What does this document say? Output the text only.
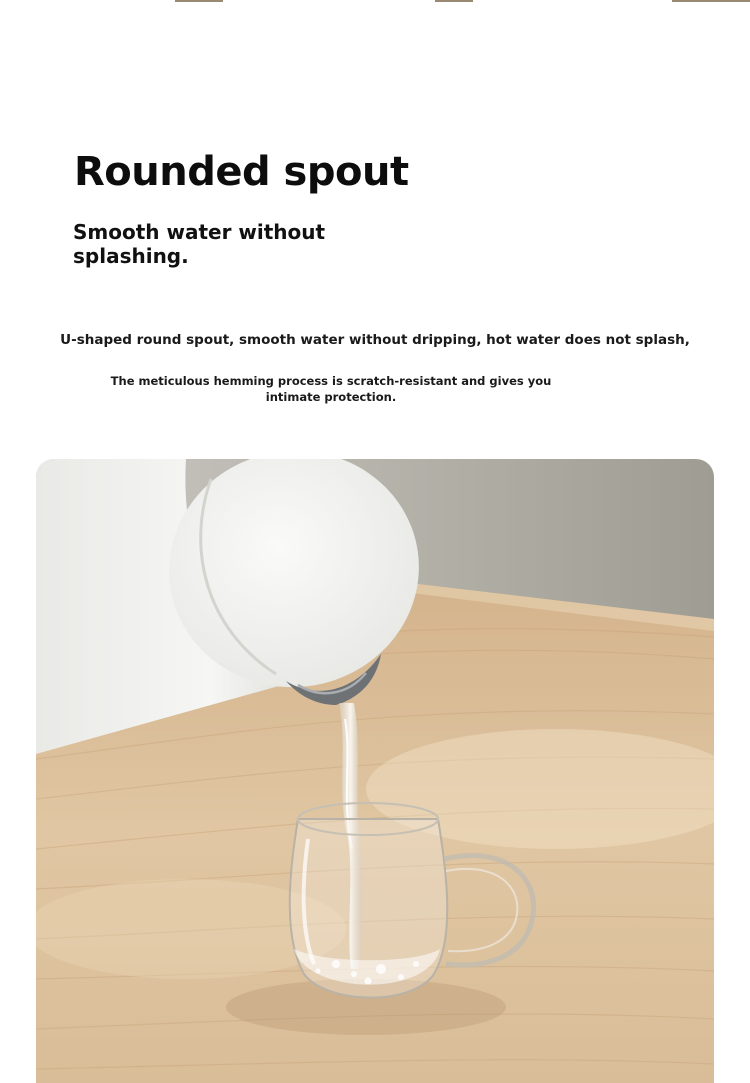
Rounded spout
Smooth water without splashing.

U-shaped round spout, smooth water without dripping, hot water does not splash,

The meticulous hemming process is scratch-resistant and gives you intimate protection.
